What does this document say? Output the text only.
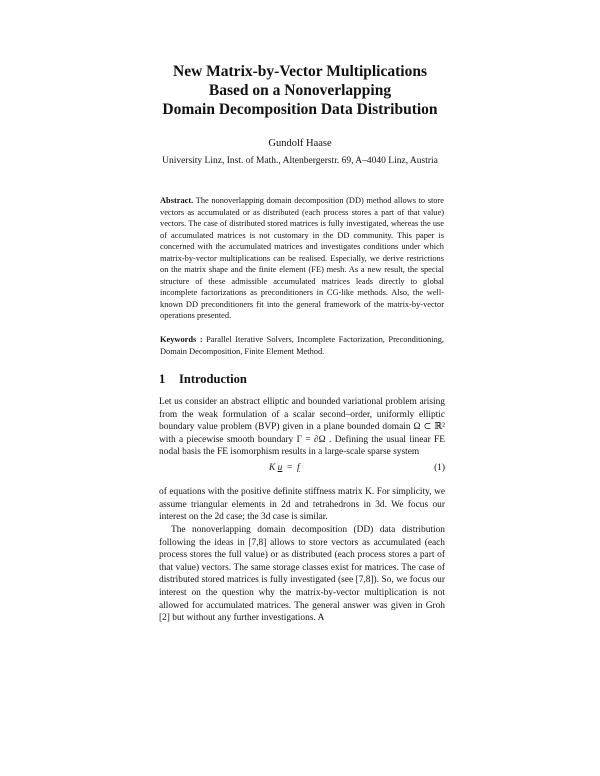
New Matrix-by-Vector Multiplications
Based on a Nonoverlapping
Domain Decomposition Data Distribution
Gundolf Haase
University Linz, Inst. of Math., Altenbergerstr. 69, A–4040 Linz, Austria
Abstract. The nonoverlapping domain decomposition (DD) method allows to store vectors as accumulated or as distributed (each process stores a part of that value) vectors. The case of distributed stored matrices is fully investigated, whereas the use of accumulated matrices is not customary in the DD community. This paper is concerned with the accumulated matrices and investigates conditions under which matrix-by-vector multiplications can be realised. Especially, we derive restrictions on the matrix shape and the finite element (FE) mesh. As a new result, the special structure of these admissible accumulated matrices leads directly to global incomplete factorizations as preconditioners in CG-like methods. Also, the well-known DD preconditioners fit into the general framework of the matrix-by-vector operations presented.
Keywords : Parallel Iterative Solvers, Incomplete Factorization, Preconditioning, Domain Decomposition, Finite Element Method.
1 Introduction
Let us consider an abstract elliptic and bounded variational problem arising from the weak formulation of a scalar second–order, uniformly elliptic boundary value problem (BVP) given in a plane bounded domain Ω ⊂ ℝ² with a piecewise smooth boundary Γ = ∂Ω . Defining the usual linear FE nodal basis the FE isomorphism results in a large-scale sparse system
K u = f	(1)
of equations with the positive definite stiffness matrix K. For simplicity, we assume triangular elements in 2d and tetrahedrons in 3d. We focus our interest on the 2d case; the 3d case is similar.
The nonoverlapping domain decomposition (DD) data distribution following the ideas in [7,8] allows to store vectors as accumulated (each process stores the full value) or as distributed (each process stores a part of that value) vectors. The same storage classes exist for matrices. The case of distributed stored matrices is fully investigated (see [7,8]). So, we focus our interest on the question why the matrix-by-vector multiplication is not allowed for accumulated matrices. The general answer was given in Groh [2] but without any further investigations. A
